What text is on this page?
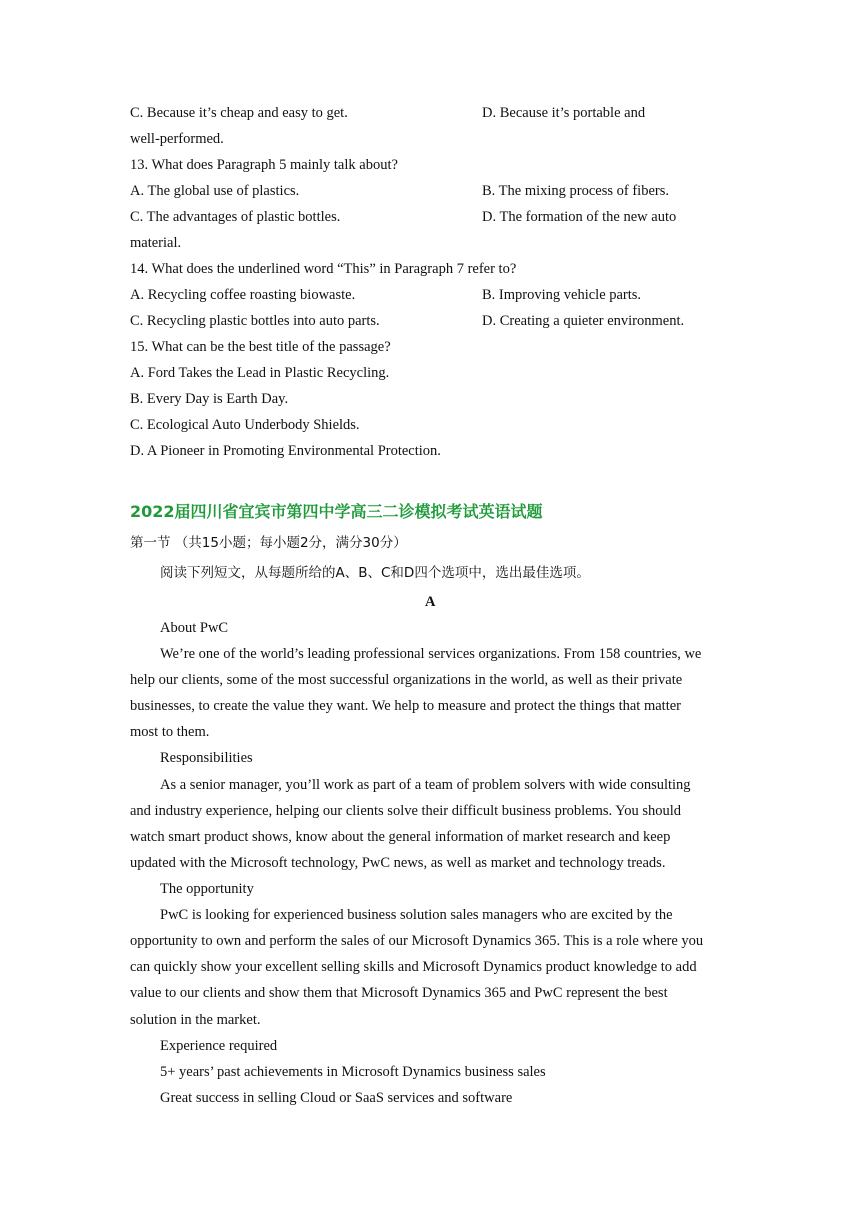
C. Because it’s cheap and easy to get.	D. Because it’s portable and
well-performed.
13. What does Paragraph 5 mainly talk about?
A. The global use of plastics.	B. The mixing process of fibers.
C. The advantages of plastic bottles.	D. The formation of the new auto
material.
14. What does the underlined word “This” in Paragraph 7 refer to?
A. Recycling coffee roasting biowaste.	B. Improving vehicle parts.
C. Recycling plastic bottles into auto parts.	D. Creating a quieter environment.
15. What can be the best title of the passage?
A. Ford Takes the Lead in Plastic Recycling.
B. Every Day is Earth Day.
C. Ecological Auto Underbody Shields.
D. A Pioneer in Promoting Environmental Protection.
2022届四川省宜宾市第四中学高三二诊模拟考试英语试题
第一节 （共15小题；每小题2分，满分30分）
阅读下列短文，从每题所给的A、B、C和D四个选项中，选出最佳选项。
A
About PwC
We’re one of the world’s leading professional services organizations. From 158 countries, we
help our clients, some of the most successful organizations in the world, as well as their private
businesses, to create the value they want. We help to measure and protect the things that matter
most to them.
Responsibilities
As a senior manager, you’ll work as part of a team of problem solvers with wide consulting
and industry experience, helping our clients solve their difficult business problems. You should
watch smart product shows, know about the general information of market research and keep
updated with the Microsoft technology, PwC news, as well as market and technology treads.
The opportunity
PwC is looking for experienced business solution sales managers who are excited by the
opportunity to own and perform the sales of our Microsoft Dynamics 365. This is a role where you
can quickly show your excellent selling skills and Microsoft Dynamics product knowledge to add
value to our clients and show them that Microsoft Dynamics 365 and PwC represent the best
solution in the market.
Experience required
5+ years’ past achievements in Microsoft Dynamics business sales
Great success in selling Cloud or SaaS services and software
